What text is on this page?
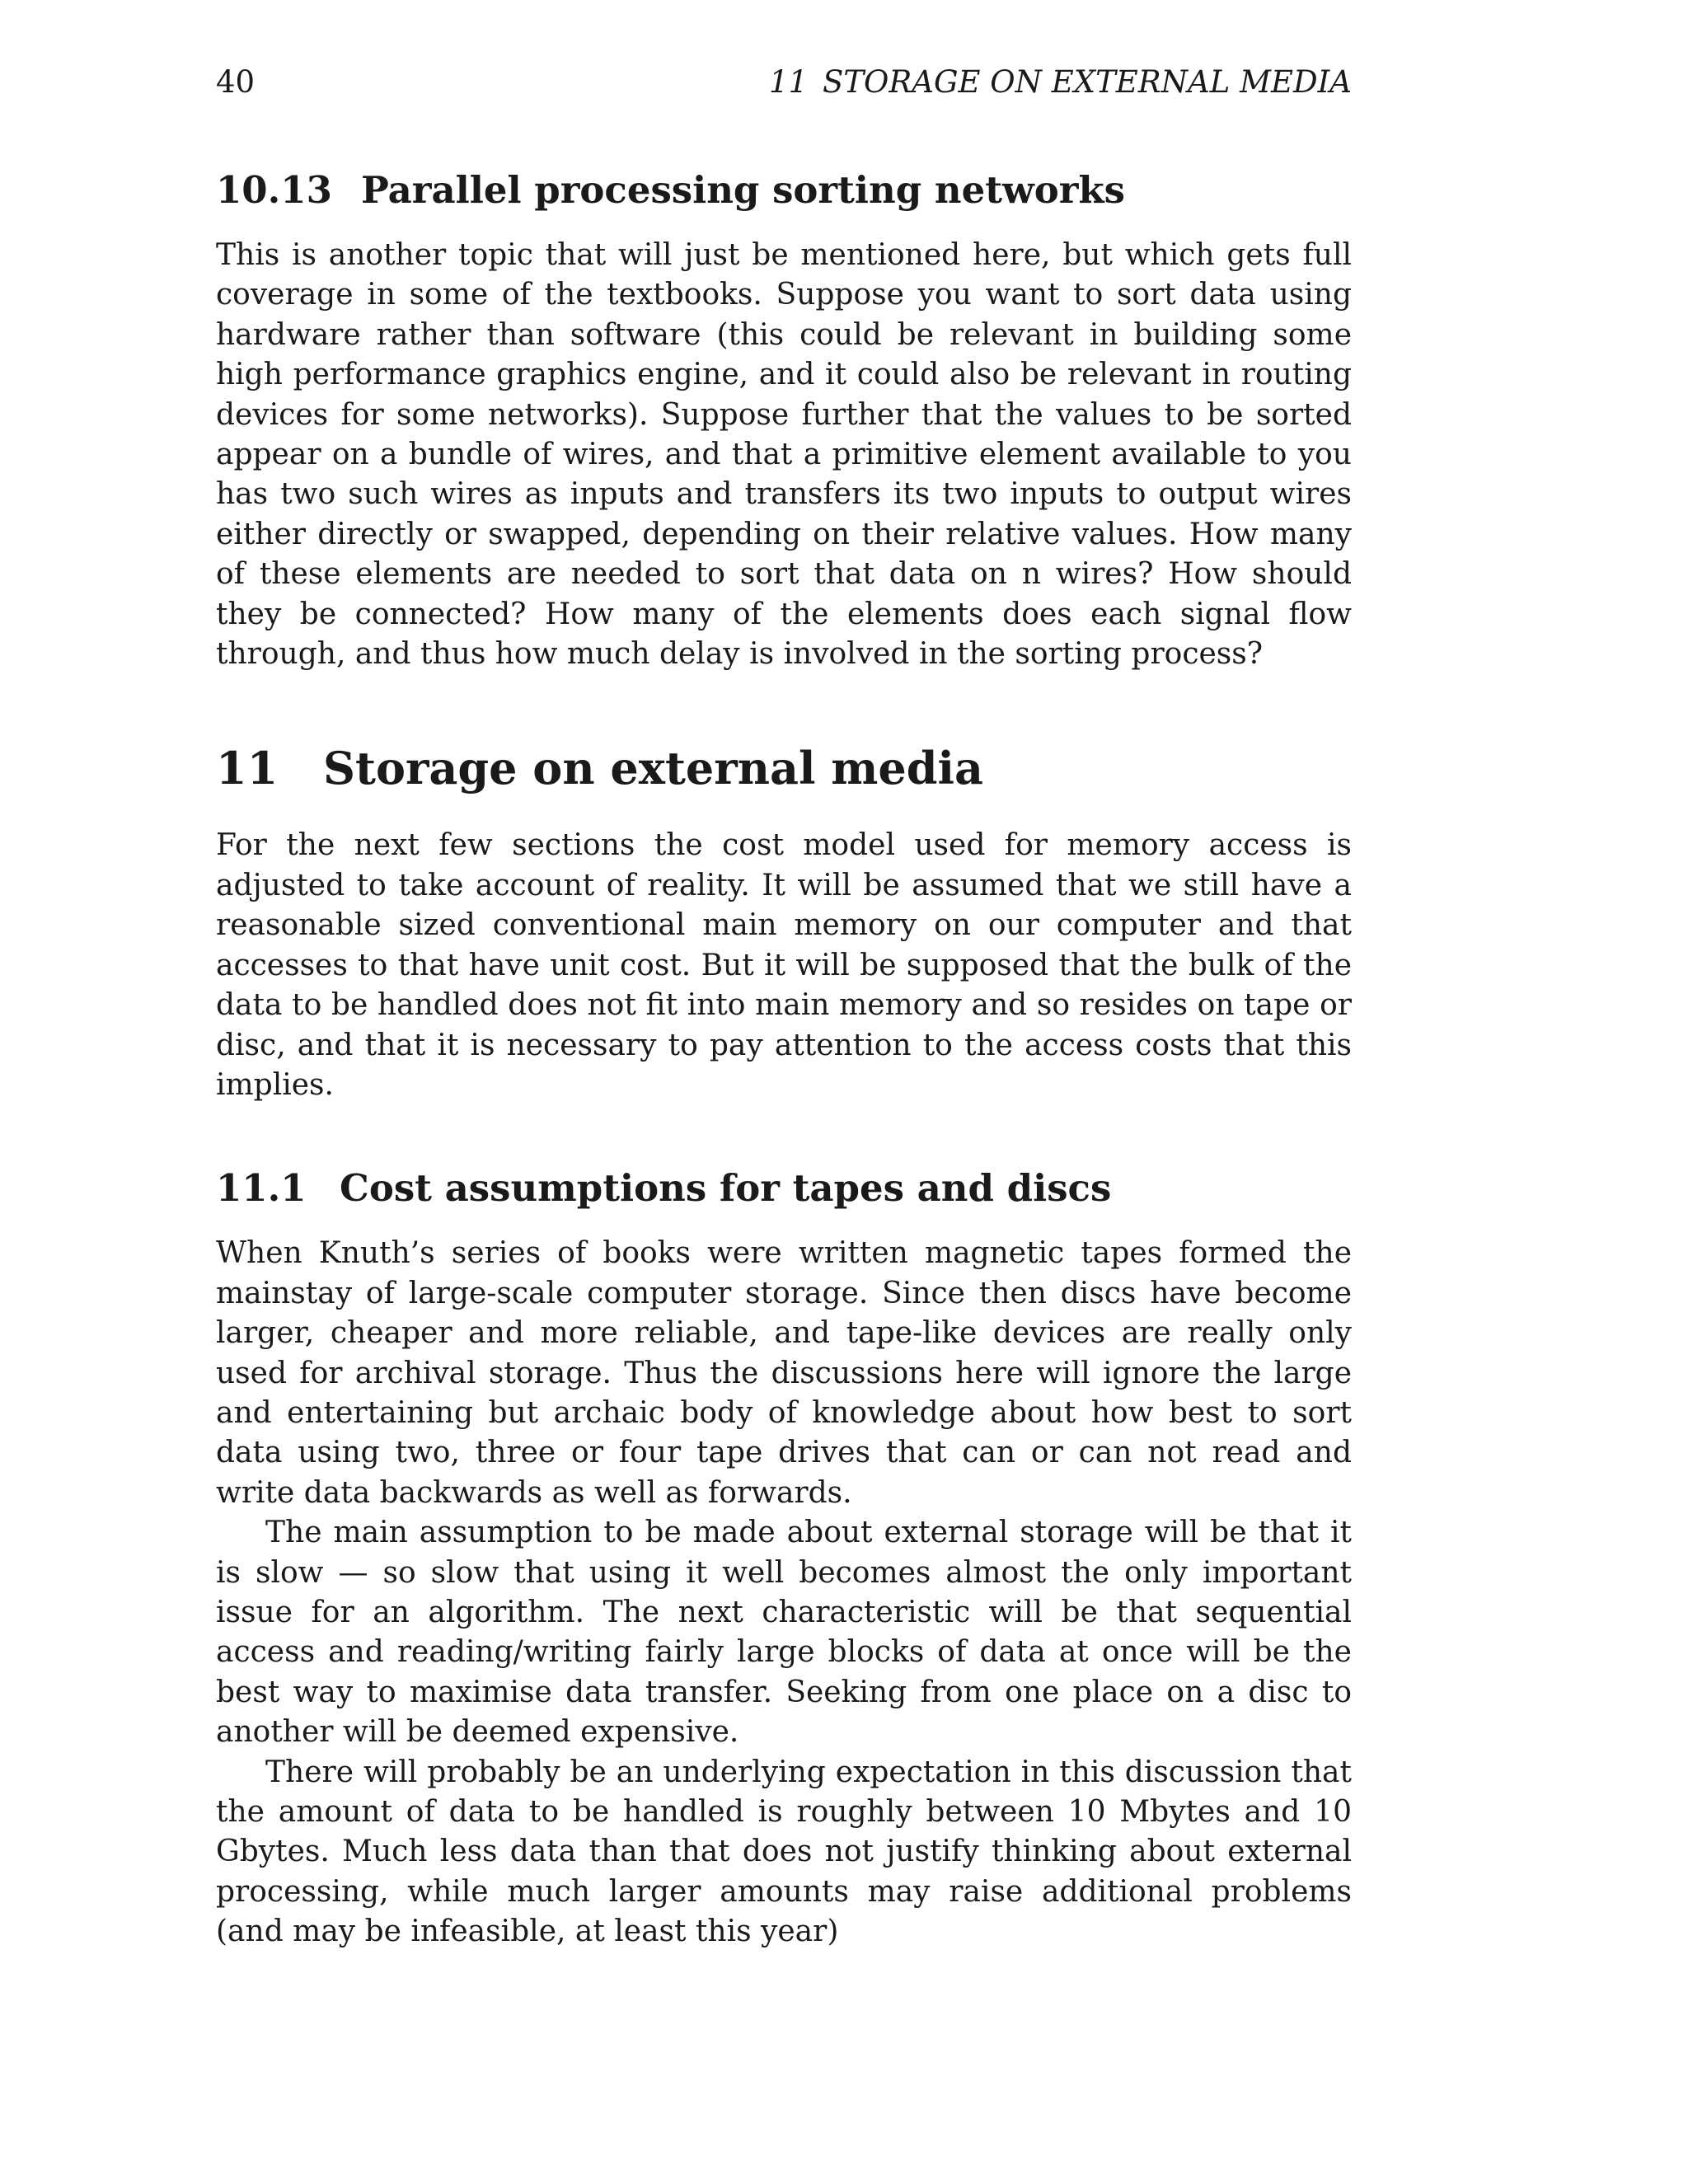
40	11 STORAGE ON EXTERNAL MEDIA
10.13 Parallel processing sorting networks

This is another topic that will just be mentioned here, but which gets full coverage in some of the textbooks. Suppose you want to sort data using hardware rather than software (this could be relevant in building some high performance graphics engine, and it could also be relevant in routing devices for some networks). Suppose further that the values to be sorted appear on a bundle of wires, and that a primitive element available to you has two such wires as inputs and transfers its two inputs to output wires either directly or swapped, depending on their relative values. How many of these elements are needed to sort that data on n wires? How should they be connected? How many of the elements does each signal flow through, and thus how much delay is involved in the sorting process?

11 Storage on external media

For the next few sections the cost model used for memory access is adjusted to take account of reality. It will be assumed that we still have a reasonable sized conventional main memory on our computer and that accesses to that have unit cost. But it will be supposed that the bulk of the data to be handled does not fit into main memory and so resides on tape or disc, and that it is necessary to pay attention to the access costs that this implies.

11.1 Cost assumptions for tapes and discs

When Knuth’s series of books were written magnetic tapes formed the mainstay of large-scale computer storage. Since then discs have become larger, cheaper and more reliable, and tape-like devices are really only used for archival storage. Thus the discussions here will ignore the large and entertaining but archaic body of knowledge about how best to sort data using two, three or four tape drives that can or can not read and write data backwards as well as forwards.

The main assumption to be made about external storage will be that it is slow — so slow that using it well becomes almost the only important issue for an algorithm. The next characteristic will be that sequential access and reading/writing fairly large blocks of data at once will be the best way to maximise data transfer. Seeking from one place on a disc to another will be deemed expensive.

There will probably be an underlying expectation in this discussion that the amount of data to be handled is roughly between 10 Mbytes and 10 Gbytes. Much less data than that does not justify thinking about external processing, while much larger amounts may raise additional problems (and may be infeasible, at least this year)
